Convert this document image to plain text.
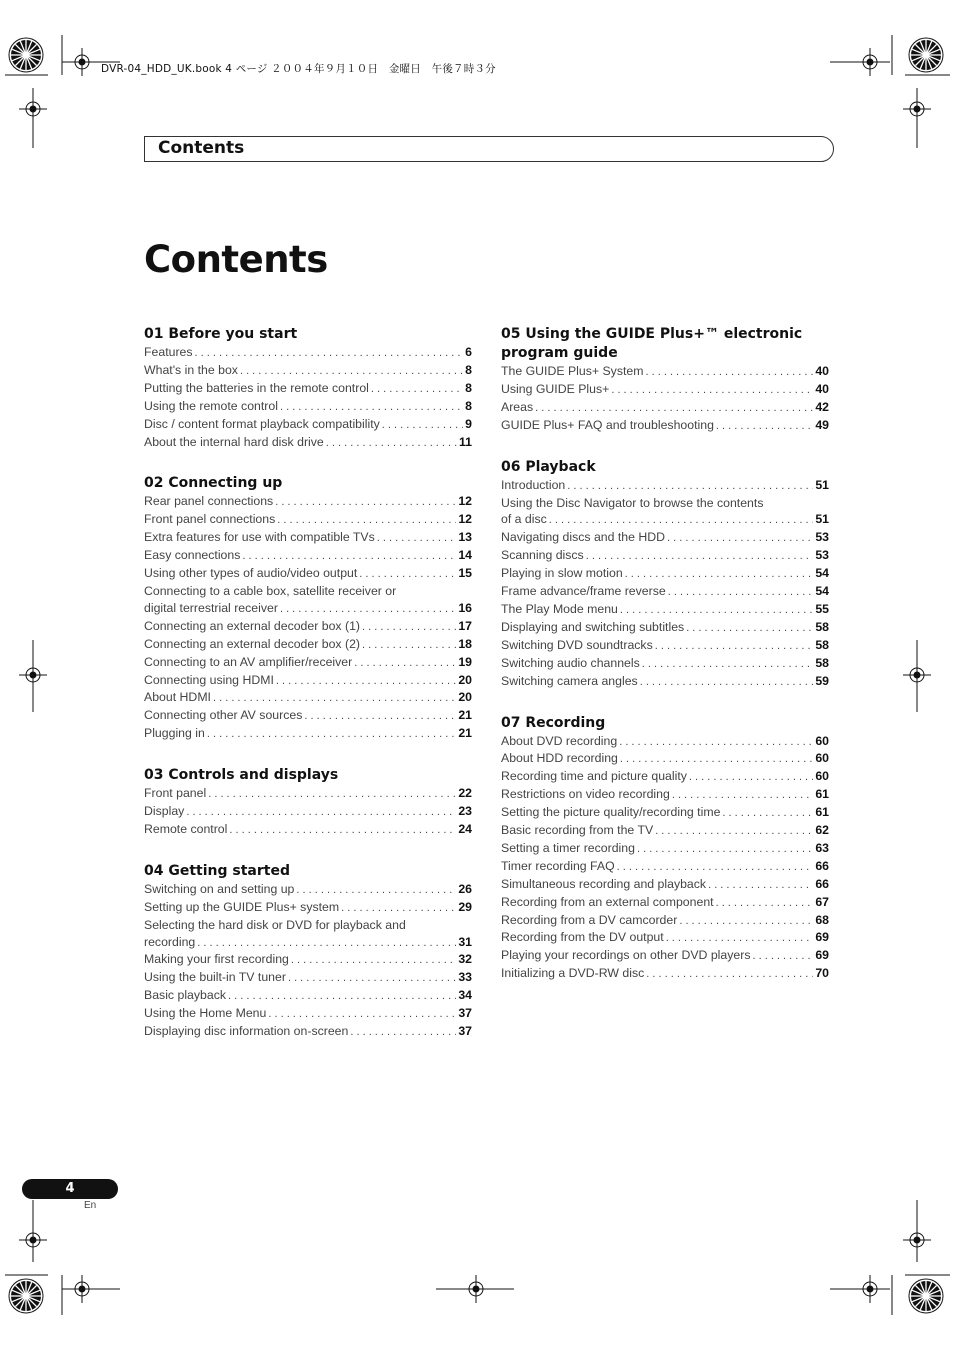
DVR-04_HDD_UK.book 4 ページ ２００４年９月１０日　金曜日　午後７時３分
Contents
Contents
01 Before you start
Features . . .	6
What's in the box . . .	8
Putting the batteries in the remote control . . .	8
Using the remote control . . .	8
Disc / content format playback compatibility . . .	9
About the internal hard disk drive . . .	11
02 Connecting up
Rear panel connections . . .	12
Front panel connections . . .	12
Extra features for use with compatible TVs . . .	13
Easy connections . . .	14
Using other types of audio/video output . . .	15
Connecting to a cable box, satellite receiver or
digital terrestrial receiver . . .	16
Connecting an external decoder box (1) . . .	17
Connecting an external decoder box (2) . . .	18
Connecting to an AV amplifier/receiver . . .	19
Connecting using HDMI . . .	20
About HDMI . . .	20
Connecting other AV sources . . .	21
Plugging in . . .	21
03 Controls and displays
Front panel . . .	22
Display . . .	23
Remote control . . .	24
04 Getting started
Switching on and setting up . . .	26
Setting up the GUIDE Plus+ system . . .	29
Selecting the hard disk or DVD for playback and
recording . . .	31
Making your first recording . . .	32
Using the built-in TV tuner . . .	33
Basic playback . . .	34
Using the Home Menu . . .	37
Displaying disc information on-screen . . .	37
05 Using the GUIDE Plus+™ electronic program guide
The GUIDE Plus+ System . . .	40
Using GUIDE Plus+ . . .	40
Areas . . .	42
GUIDE Plus+ FAQ and troubleshooting . . .	49
06 Playback
Introduction . . .	51
Using the Disc Navigator to browse the contents
of a disc . . .	51
Navigating discs and the HDD . . .	53
Scanning discs . . .	53
Playing in slow motion . . .	54
Frame advance/frame reverse . . .	54
The Play Mode menu . . .	55
Displaying and switching subtitles . . .	58
Switching DVD soundtracks . . .	58
Switching audio channels . . .	58
Switching camera angles . . .	59
07 Recording
About DVD recording . . .	60
About HDD recording . . .	60
Recording time and picture quality . . .	60
Restrictions on video recording . . .	61
Setting the picture quality/recording time . . .	61
Basic recording from the TV . . .	62
Setting a timer recording . . .	63
Timer recording FAQ . . .	66
Simultaneous recording and playback . . .	66
Recording from an external component . . .	67
Recording from a DV camcorder . . .	68
Recording from the DV output . . .	69
Playing your recordings on other DVD players . . .	69
Initializing a DVD-RW disc . . .	70
4
En
